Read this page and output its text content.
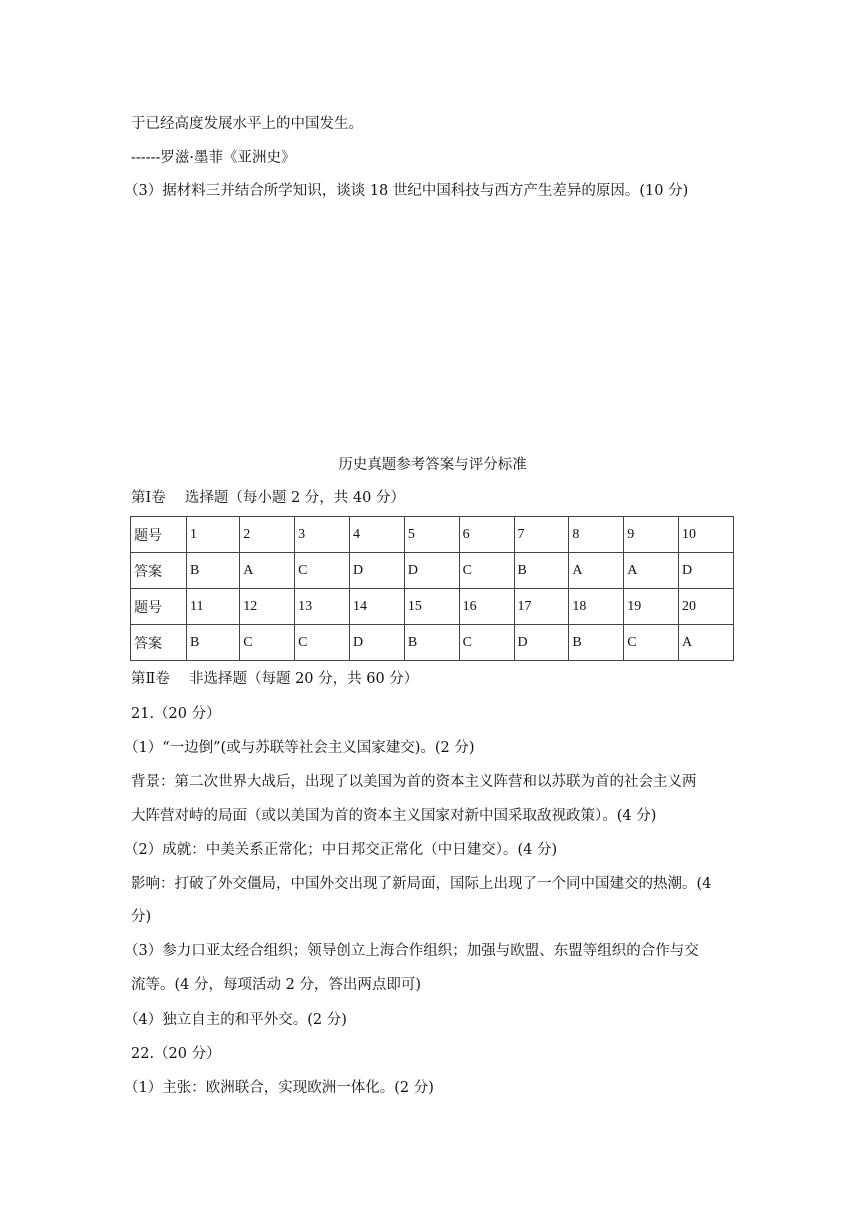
于已经高度发展水平上的中国发生。
------罗滋·墨菲《亚洲史》
（3）据材料三并结合所学知识，谈谈 18 世纪中国科技与西方产生差异的原因。(10 分)
历史真题参考答案与评分标准
第Ⅰ卷　 选择题（每小题 2 分，共 40 分）
题号	1	2	3	4	5	6	7	8	9	10
答案	B	A	C	D	D	C	B	A	A	D
题号	11	12	13	14	15	16	17	18	19	20
答案	B	C	C	D	B	C	D	B	C	A
第Ⅱ卷　 非选择题（每题 20 分，共 60 分）
21.（20 分）
（1）“一边倒”(或与苏联等社会主义国家建交)。(2 分)
背景：第二次世界大战后，出现了以美国为首的资本主义阵营和以苏联为首的社会主义两
大阵营对峙的局面（或以美国为首的资本主义国家对新中国采取敌视政策）。(4 分)
（2）成就：中美关系正常化；中日邦交正常化（中日建交）。(4 分)
影响：打破了外交僵局，中国外交出现了新局面，国际上出现了一个同中国建交的热潮。(4
分)
（3）参力口亚太经合组织；领导创立上海合作组织；加强与欧盟、东盟等组织的合作与交
流等。(4 分，每项活动 2 分，答出两点即可)
（4）独立自主的和平外交。(2 分)
22.（20 分）
（1）主张：欧洲联合，实现欧洲一体化。(2 分)
